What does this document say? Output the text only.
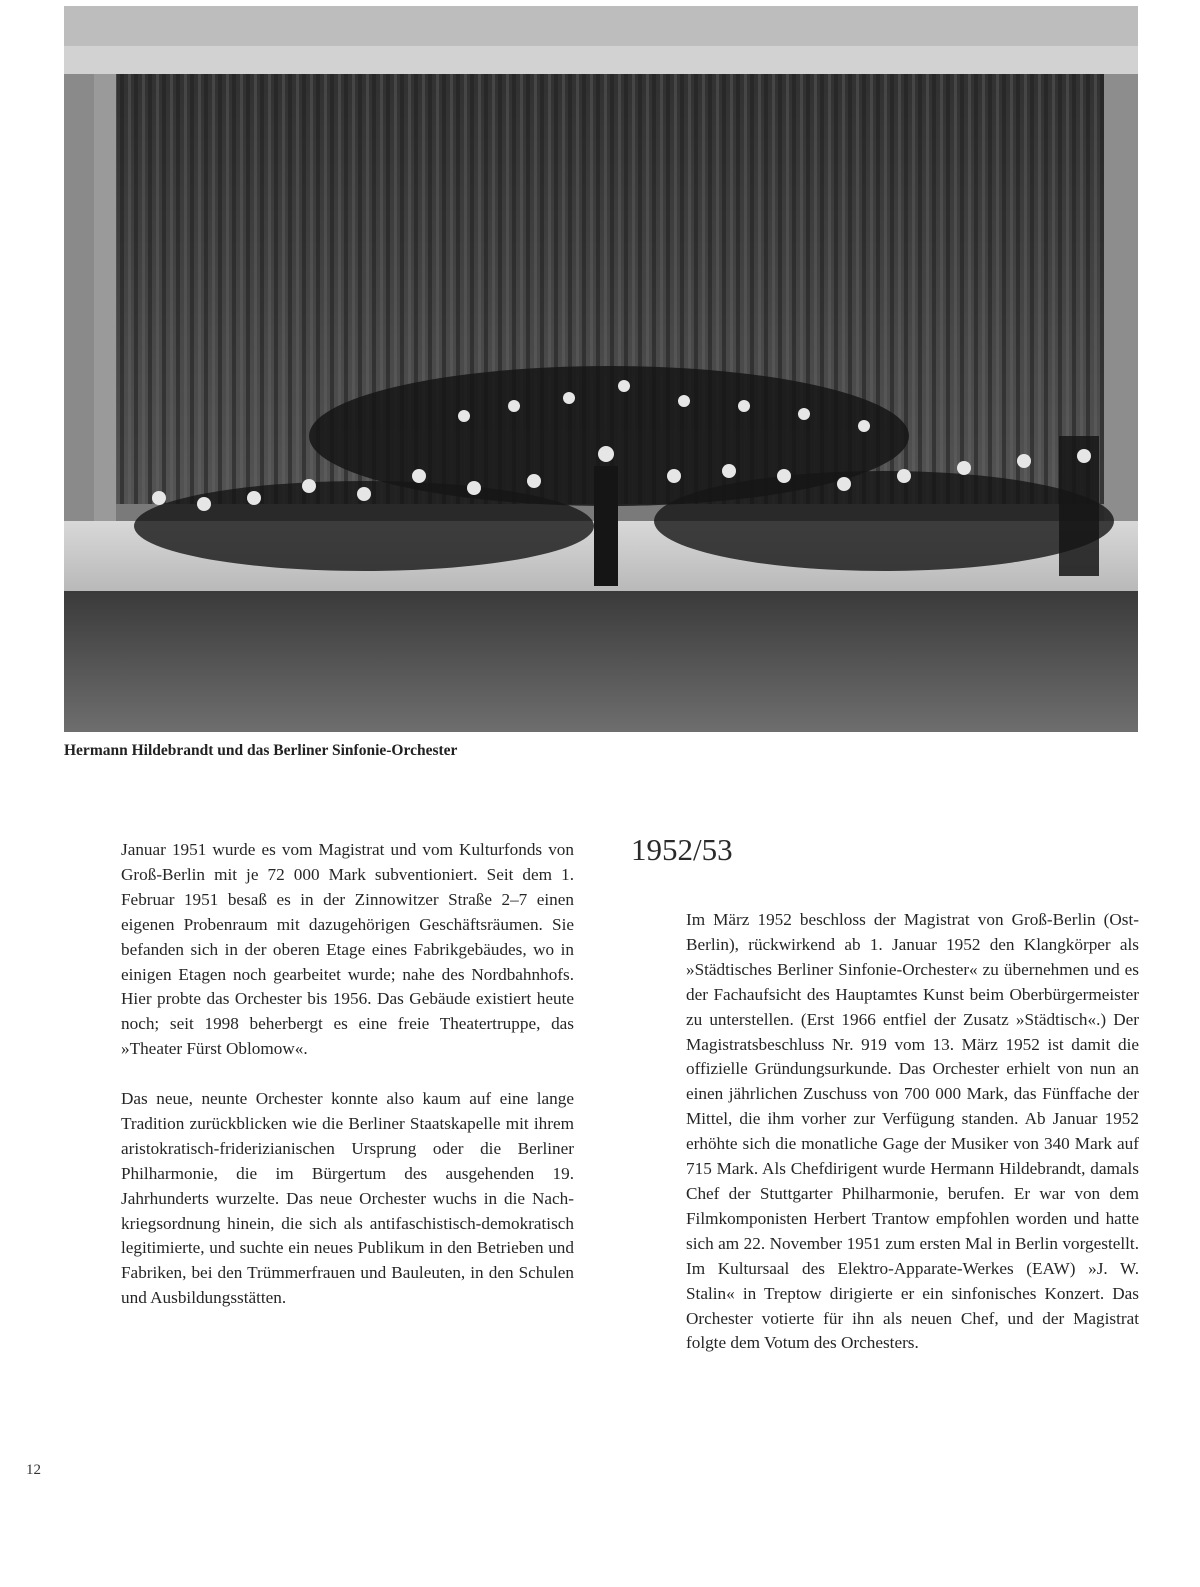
Hermann Hildebrandt und das Berliner Sinfonie-Orchester

Januar 1951 wurde es vom Magistrat und vom Kulturfonds von Groß-Berlin mit je 72 000 Mark subventioniert. Seit dem 1. Februar 1951 besaß es in der Zinnowitzer Straße 2–7 einen eigenen Probenraum mit dazugehörigen Geschäftsräumen. Sie befanden sich in der oberen Etage eines Fabrikgebäudes, wo in einigen Etagen noch gearbeitet wurde; nahe des Nordbahnhofs. Hier probte das Orchester bis 1956. Das Gebäude existiert heute noch; seit 1998 beherbergt es eine freie Theatertruppe, das »Theater Fürst Oblomow«.

Das neue, neunte Orchester konnte also kaum auf eine lange Tradition zurückblicken wie die Berliner Staatskapelle mit ihrem aristokratisch-friderizianischen Ursprung oder die Berliner Philharmonie, die im Bürgertum des ausgehenden 19. Jahrhunderts wurzelte. Das neue Orchester wuchs in die Nachkriegsordnung hinein, die sich als antifaschistisch-demokratisch legitimierte, und suchte ein neues Publikum in den Betrieben und Fabriken, bei den Trümmerfrauen und Bauleuten, in den Schulen und Ausbildungsstätten.

1952/53

Im März 1952 beschloss der Magistrat von Groß-Berlin (Ost-Berlin), rückwirkend ab 1. Januar 1952 den Klangkörper als »Städtisches Berliner Sinfonie-Orchester« zu übernehmen und es der Fachaufsicht des Hauptamtes Kunst beim Oberbürgermeister zu unterstellen. (Erst 1966 entfiel der Zusatz »Städtisch«.) Der Magistratsbeschluss Nr. 919 vom 13. März 1952 ist damit die offizielle Gründungsurkunde. Das Orchester erhielt von nun an einen jährlichen Zuschuss von 700 000 Mark, das Fünffache der Mittel, die ihm vorher zur Verfügung standen. Ab Januar 1952 erhöhte sich die monatliche Gage der Musiker von 340 Mark auf 715 Mark. Als Chefdirigent wurde Hermann Hildebrandt, damals Chef der Stuttgarter Philharmonie, berufen. Er war von dem Filmkomponisten Herbert Trantow empfohlen worden und hatte sich am 22. November 1951 zum ersten Mal in Berlin vorgestellt. Im Kultursaal des Elektro-Apparate-Werkes (EAW) »J. W. Stalin« in Treptow dirigierte er ein sinfonisches Konzert. Das Orchester votierte für ihn als neuen Chef, und der Magistrat folgte dem Votum des Orchesters.

12
